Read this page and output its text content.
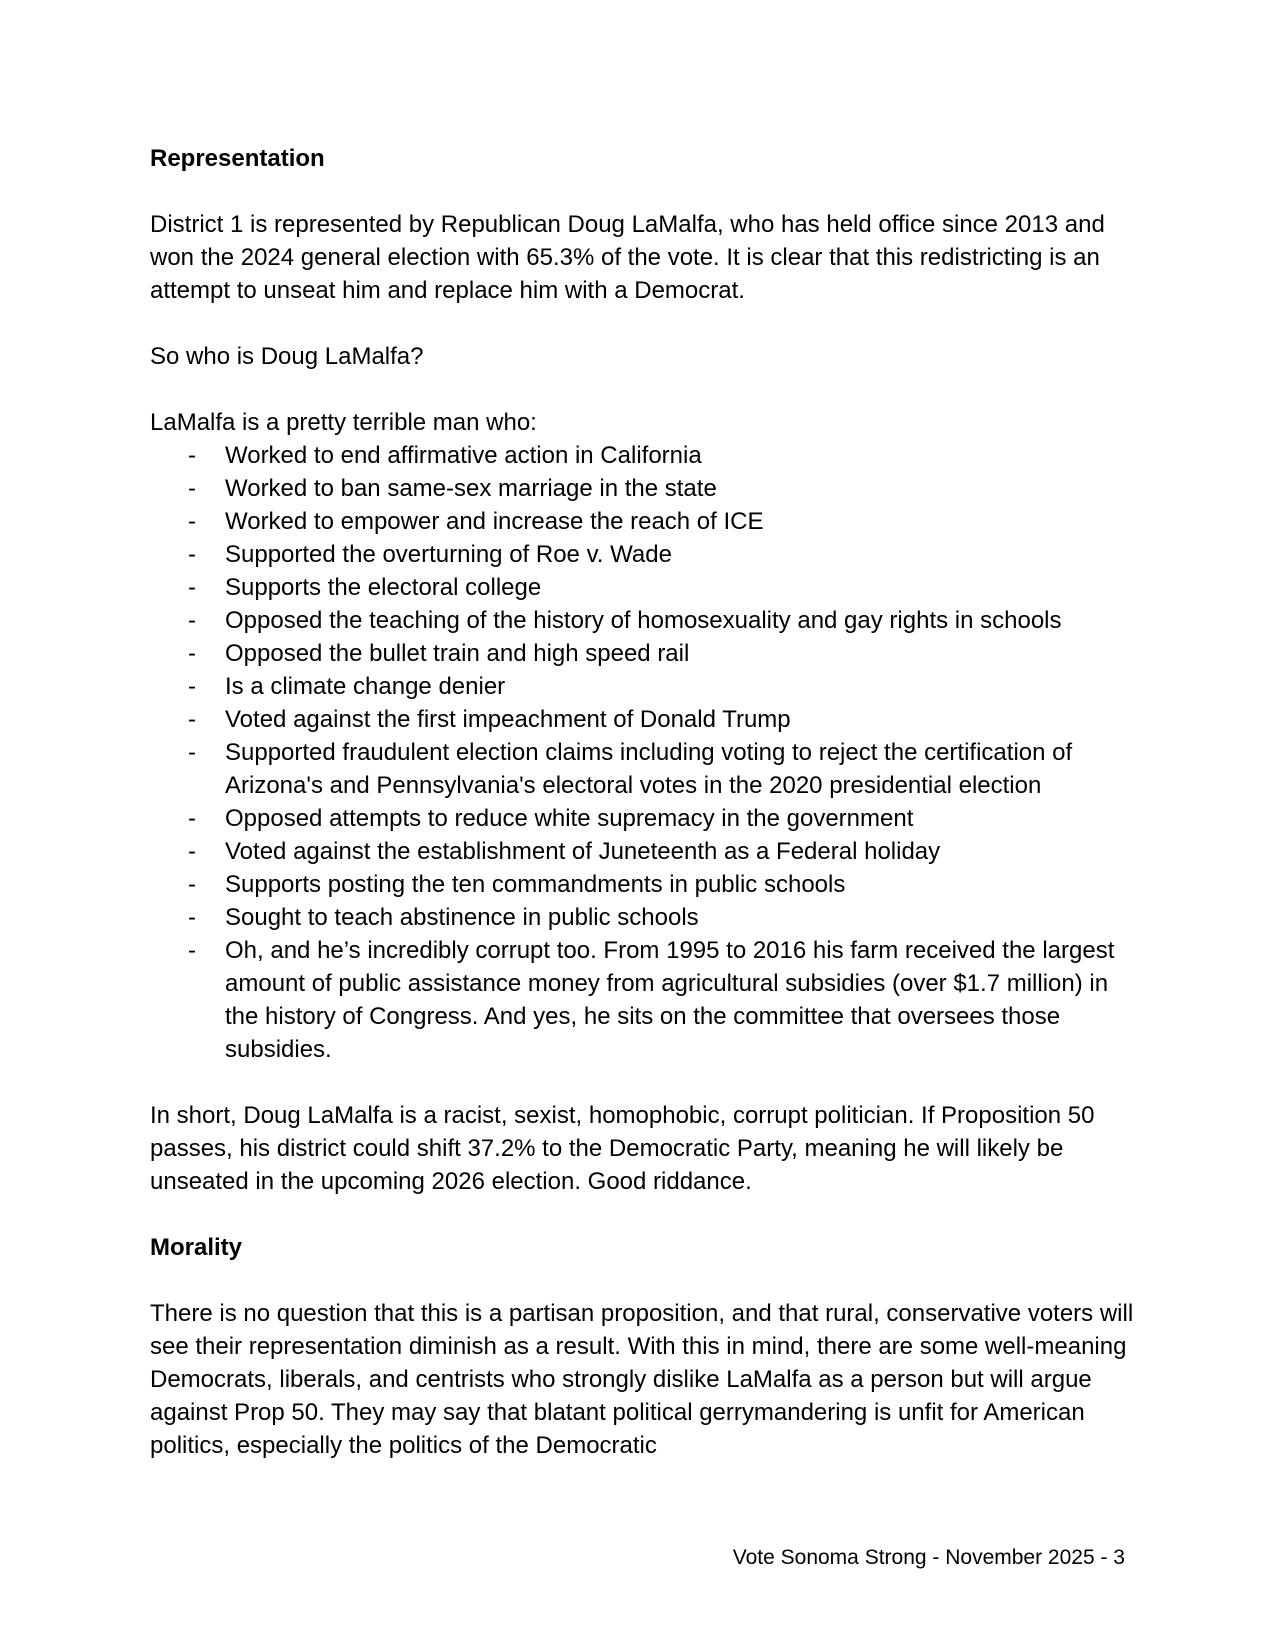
Representation

District 1 is represented by Republican Doug LaMalfa, who has held office since 2013 and won the 2024 general election with 65.3% of the vote. It is clear that this redistricting is an attempt to unseat him and replace him with a Democrat.

So who is Doug LaMalfa?

LaMalfa is a pretty terrible man who:

- Worked to end affirmative action in California
- Worked to ban same-sex marriage in the state
- Worked to empower and increase the reach of ICE
- Supported the overturning of Roe v. Wade
- Supports the electoral college
- Opposed the teaching of the history of homosexuality and gay rights in schools
- Opposed the bullet train and high speed rail
- Is a climate change denier
- Voted against the first impeachment of Donald Trump
- Supported fraudulent election claims including voting to reject the certification of Arizona's and Pennsylvania's electoral votes in the 2020 presidential election
- Opposed attempts to reduce white supremacy in the government
- Voted against the establishment of Juneteenth as a Federal holiday
- Supports posting the ten commandments in public schools
- Sought to teach abstinence in public schools
- Oh, and he’s incredibly corrupt too. From 1995 to 2016 his farm received the largest amount of public assistance money from agricultural subsidies (over $1.7 million) in the history of Congress. And yes, he sits on the committee that oversees those subsidies.

In short, Doug LaMalfa is a racist, sexist, homophobic, corrupt politician. If Proposition 50 passes, his district could shift 37.2% to the Democratic Party, meaning he will likely be unseated in the upcoming 2026 election. Good riddance.

Morality

There is no question that this is a partisan proposition, and that rural, conservative voters will see their representation diminish as a result. With this in mind, there are some well-meaning Democrats, liberals, and centrists who strongly dislike LaMalfa as a person but will argue against Prop 50. They may say that blatant political gerrymandering is unfit for American politics, especially the politics of the Democratic

Vote Sonoma Strong - November 2025 - 3
